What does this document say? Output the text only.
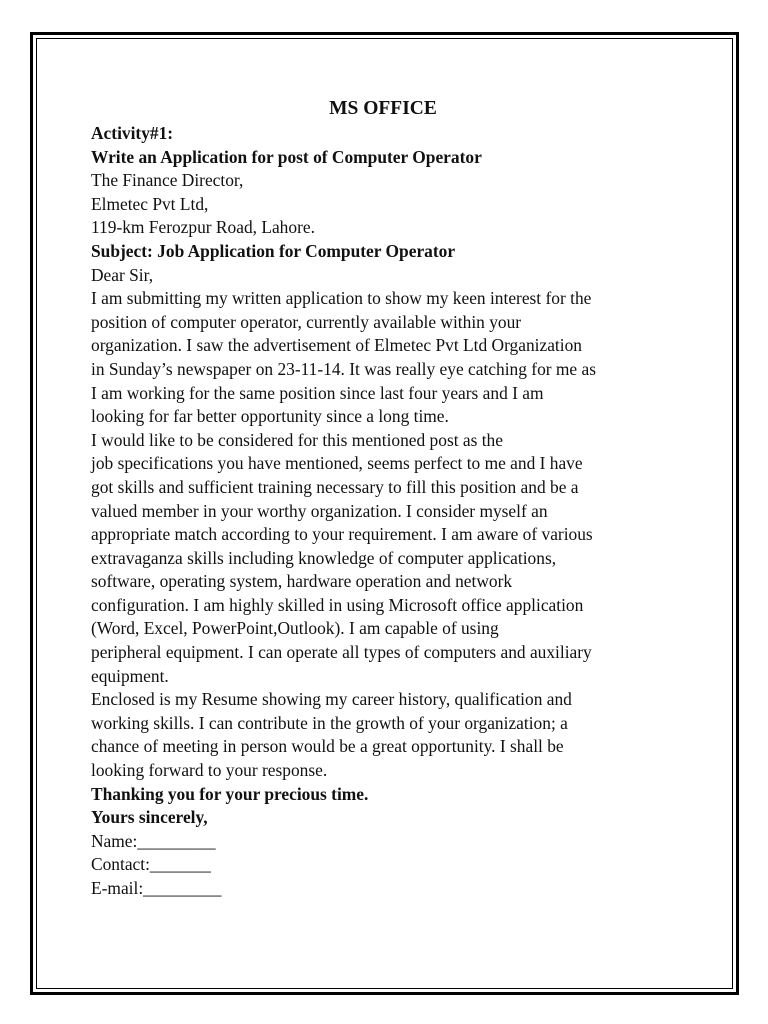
MS OFFICE
Activity#1:
Write an Application for post of Computer Operator
The Finance Director,
Elmetec Pvt Ltd,
119-km Ferozpur Road, Lahore.
Subject: Job Application for Computer Operator
Dear Sir,
I am submitting my written application to show my keen interest for the
position of computer operator, currently available within your
organization. I saw the advertisement of Elmetec Pvt Ltd Organization
in Sunday’s newspaper on 23-11-14. It was really eye catching for me as
I am working for the same position since last four years and I am
looking for far better opportunity since a long time.
I would like to be considered for this mentioned post as the
job specifications you have mentioned, seems perfect to me and I have
got skills and sufficient training necessary to fill this position and be a
valued member in your worthy organization. I consider myself an
appropriate match according to your requirement. I am aware of various
extravaganza skills including knowledge of computer applications,
software, operating system, hardware operation and network
configuration. I am highly skilled in using Microsoft office application
(Word, Excel, PowerPoint,Outlook). I am capable of using
peripheral equipment. I can operate all types of computers and auxiliary
equipment.
Enclosed is my Resume showing my career history, qualification and
working skills. I can contribute in the growth of your organization; a
chance of meeting in person would be a great opportunity. I shall be
looking forward to your response.
Thanking you for your precious time.
Yours sincerely,
Name:_________
Contact:_______
E-mail:_________
